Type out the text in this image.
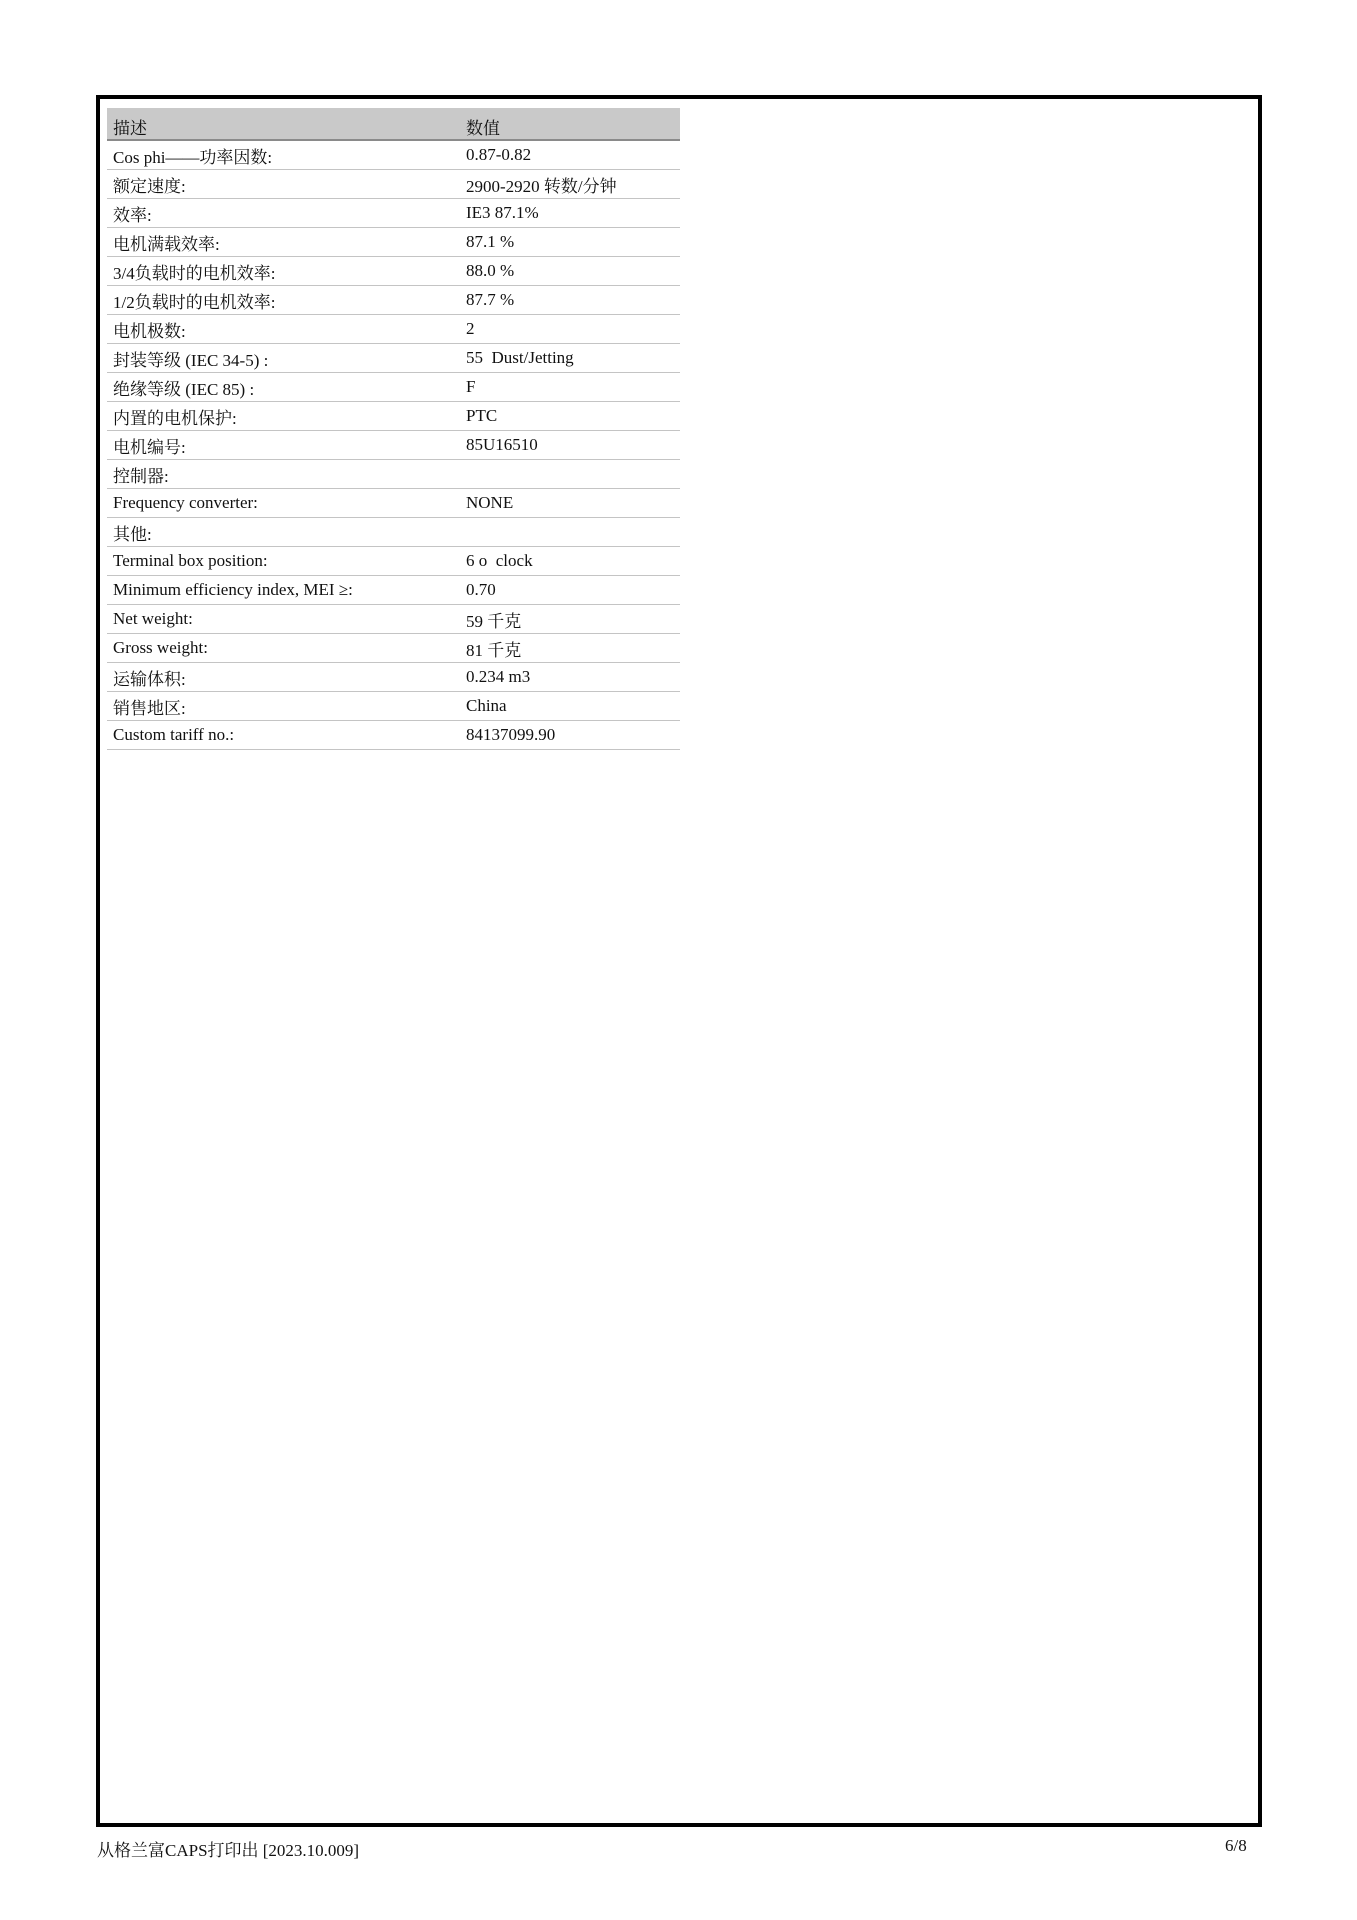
描述	数值
Cos phi——功率因数:	0.87-0.82
额定速度:	2900-2920 转数/分钟
效率:	IE3 87.1%
电机满载效率:	87.1 %
3/4负载时的电机效率:	88.0 %
1/2负载时的电机效率:	87.7 %
电机极数:	2
封装等级 (IEC 34-5) :	55  Dust/Jetting
绝缘等级 (IEC 85) :	F
内置的电机保护:	PTC
电机编号:	85U16510
控制器:	
Frequency converter:	NONE
其他:	
Terminal box position:	6 o  clock
Minimum efficiency index, MEI ≥:	0.70
Net weight:	59 千克
Gross weight:	81 千克
运输体积:	0.234 m3
销售地区:	China
Custom tariff no.:	84137099.90
从格兰富CAPS打印出 [2023.10.009]	6/8
